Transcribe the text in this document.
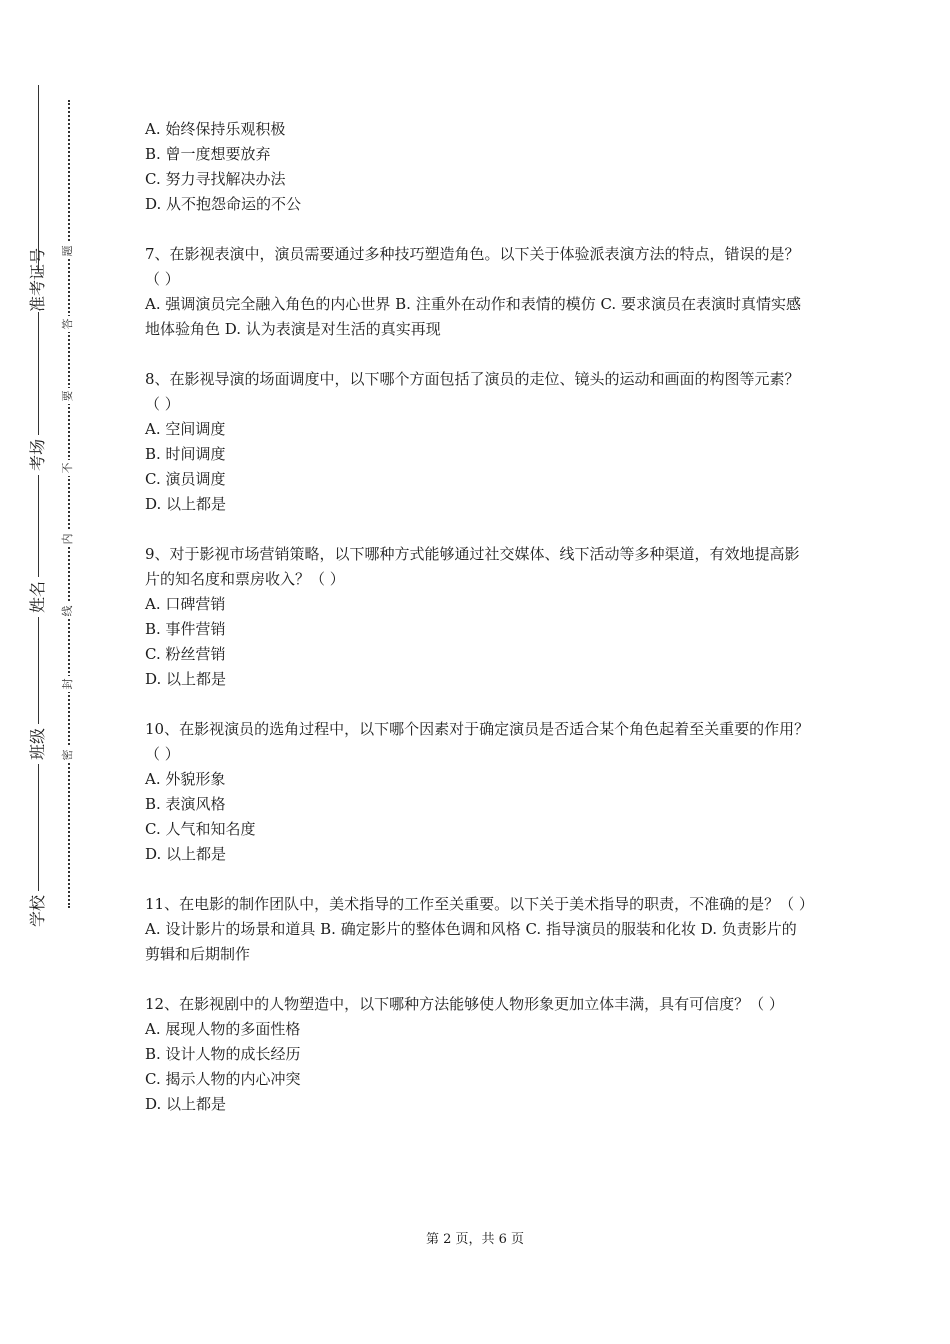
准考证号
考场
姓名
班级
学校
题
答
要
不
内
线
封
密

A. 始终保持乐观积极

B. 曾一度想要放弃

C. 努力寻找解决办法

D. 从不抱怨命运的不公

7、在影视表演中，演员需要通过多种技巧塑造角色。以下关于体验派表演方法的特点，错误的是？（ ）

A. 强调演员完全融入角色的内心世界 B. 注重外在动作和表情的模仿 C. 要求演员在表演时真情实感地体验角色 D. 认为表演是对生活的真实再现

8、在影视导演的场面调度中，以下哪个方面包括了演员的走位、镜头的运动和画面的构图等元素？（ ）

A. 空间调度

B. 时间调度

C. 演员调度

D. 以上都是

9、对于影视市场营销策略，以下哪种方式能够通过社交媒体、线下活动等多种渠道，有效地提高影片的知名度和票房收入？（ ）

A. 口碑营销

B. 事件营销

C. 粉丝营销

D. 以上都是

10、在影视演员的选角过程中，以下哪个因素对于确定演员是否适合某个角色起着至关重要的作用？（ ）

A. 外貌形象

B. 表演风格

C. 人气和知名度

D. 以上都是

11、在电影的制作团队中，美术指导的工作至关重要。以下关于美术指导的职责，不准确的是？（ ）

A. 设计影片的场景和道具 B. 确定影片的整体色调和风格 C. 指导演员的服装和化妆 D. 负责影片的剪辑和后期制作

12、在影视剧中的人物塑造中，以下哪种方法能够使人物形象更加立体丰满，具有可信度？（ ）

A. 展现人物的多面性格

B. 设计人物的成长经历

C. 揭示人物的内心冲突

D. 以上都是

第 2 页，共 6 页
